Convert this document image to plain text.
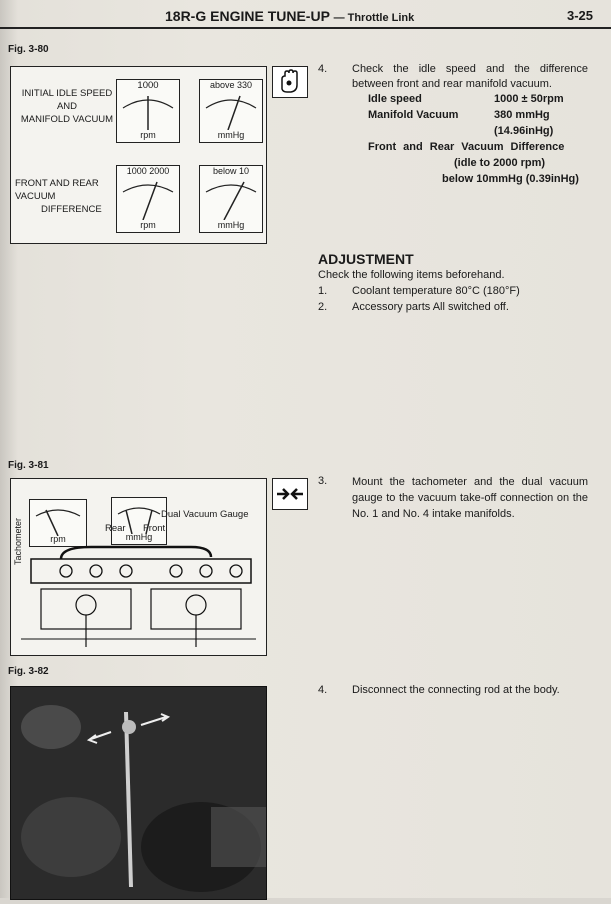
18R-G ENGINE TUNE-UP — Throttle Link	3-25
Fig. 3-80
INITIAL IDLE SPEED
AND
MANIFOLD VACUUM
1000
rpm
above 330
mmHg
FRONT AND REAR
VACUUM
DIFFERENCE
1000 2000
rpm
below 10
mmHg
4. Check the idle speed and the difference between front and rear manifold vacuum.
Idle speed	1000 ± 50rpm
Manifold Vacuum	380 mmHg
(14.96inHg)
Front and Rear Vacuum Difference
(idle to 2000 rpm)
below 10mmHg (0.39inHg)
ADJUSTMENT
Check the following items beforehand.
1. Coolant temperature 80°C (180°F)
2. Accessory parts All switched off.
Fig. 3-81
Tachometer	rpm	mmHg
Dual Vacuum Gauge
Rear Front
3. Mount the tachometer and the dual vacuum gauge to the vacuum take-off connection on the No. 1 and No. 4 intake manifolds.
Fig. 3-82
4. Disconnect the connecting rod at the body.
